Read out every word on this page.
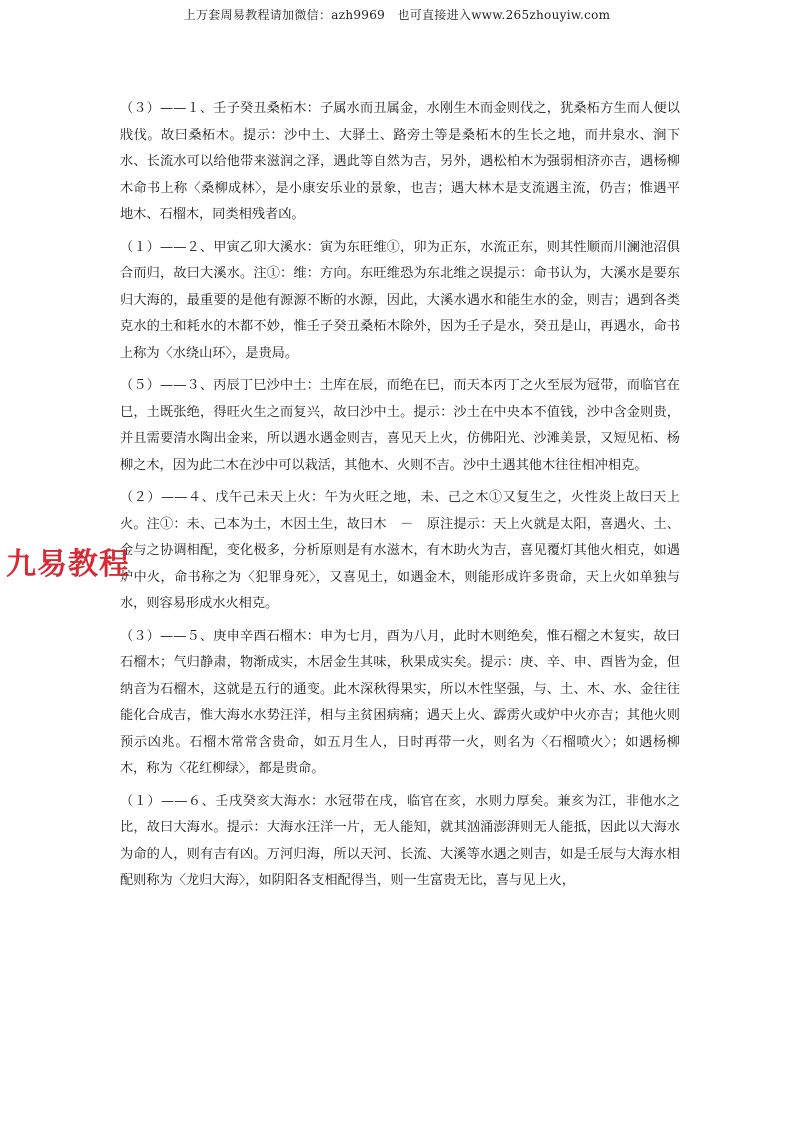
上万套周易教程请加微信：azh9969　也可直接进入www.265zhouyiw.com

（３）——１、壬子癸丑桑柘木：子属水而丑属金，水刚生木而金则伐之，犹桑柘方生而人便以戕伐。故曰桑柘木。提示：沙中土、大驿土、路旁土等是桑柘木的生长之地，而井泉水、涧下水、长流水可以给他带来滋润之泽，遇此等自然为吉，另外，遇松柏木为强弱相济亦吉，遇杨柳木命书上称〈桑柳成林〉，是小康安乐业的景象，也吉；遇大林木是支流遇主流，仍吉；惟遇平地木、石榴木，同类相残者凶。

（１）——２、甲寅乙卯大溪水：寅为东旺维①，卯为正东，水流正东，则其性顺而川澜池沼俱合而归，故曰大溪水。注①：维：方向。东旺维恐为东北维之误提示：命书认为，大溪水是要东归大海的，最重要的是他有源源不断的水源，因此，大溪水遇水和能生水的金，则吉；遇到各类克水的土和耗水的木都不妙，惟壬子癸丑桑柘木除外，因为壬子是水，癸丑是山，再遇水，命书上称为〈水绕山环〉，是贵局。

（５）——３、丙辰丁巳沙中土：土库在辰，而绝在巳，而天本丙丁之火至辰为冠带，而临官在巳，土既张绝，得旺火生之而复兴，故曰沙中土。提示：沙土在中央本不值钱，沙中含金则贵，并且需要清水陶出金来，所以遇水遇金则吉，喜见天上火，仿佛阳光、沙滩美景，又短见柘、杨柳之木，因为此二木在沙中可以栽活，其他木、火则不吉。沙中土遇其他木往往相冲相克。

（２）——４、戊午己未天上火：午为火旺之地，未、己之木①又复生之，火性炎上故曰天上火。注①：未、己本为土，木因土生，故曰木　－　原注提示：天上火就是太阳，喜遇火、土、金与之协调相配，变化极多，分析原则是有水滋木，有木助火为吉，喜见覆灯其他火相克，如遇炉中火，命书称之为〈犯罪身死〉，又喜见土，如遇金木，则能形成许多贵命，天上火如单独与水，则容易形成水火相克。

（３）——５、庚申辛酉石榴木：申为七月，酉为八月，此时木则绝矣，惟石榴之木复实，故曰石榴木；气归静肃，物渐成实，木居金生其味，秋果成实矣。提示：庚、辛、申、酉皆为金，但纳音为石榴木，这就是五行的通变。此木深秋得果实，所以木性坚强，与、土、木、水、金往往能化合成吉，惟大海水水势汪洋，相与主贫困病痛；遇天上火、霹雳火或炉中火亦吉；其他火则预示凶兆。石榴木常常含贵命，如五月生人，日时再带一火，则名为〈石榴喷火〉；如遇杨柳木，称为〈花红柳绿〉，都是贵命。

（１）——６、壬戌癸亥大海水：水冠带在戌，临官在亥，水则力厚矣。兼亥为江，非他水之比，故曰大海水。提示：大海水汪洋一片，无人能知，就其汹涌澎湃则无人能抵，因此以大海水为命的人，则有吉有凶。万河归海，所以天河、长流、大溪等水遇之则吉，如是壬辰与大海水相配则称为〈龙归大海〉，如阴阳各支相配得当，则一生富贵无比，喜与见上火，

九易教程
